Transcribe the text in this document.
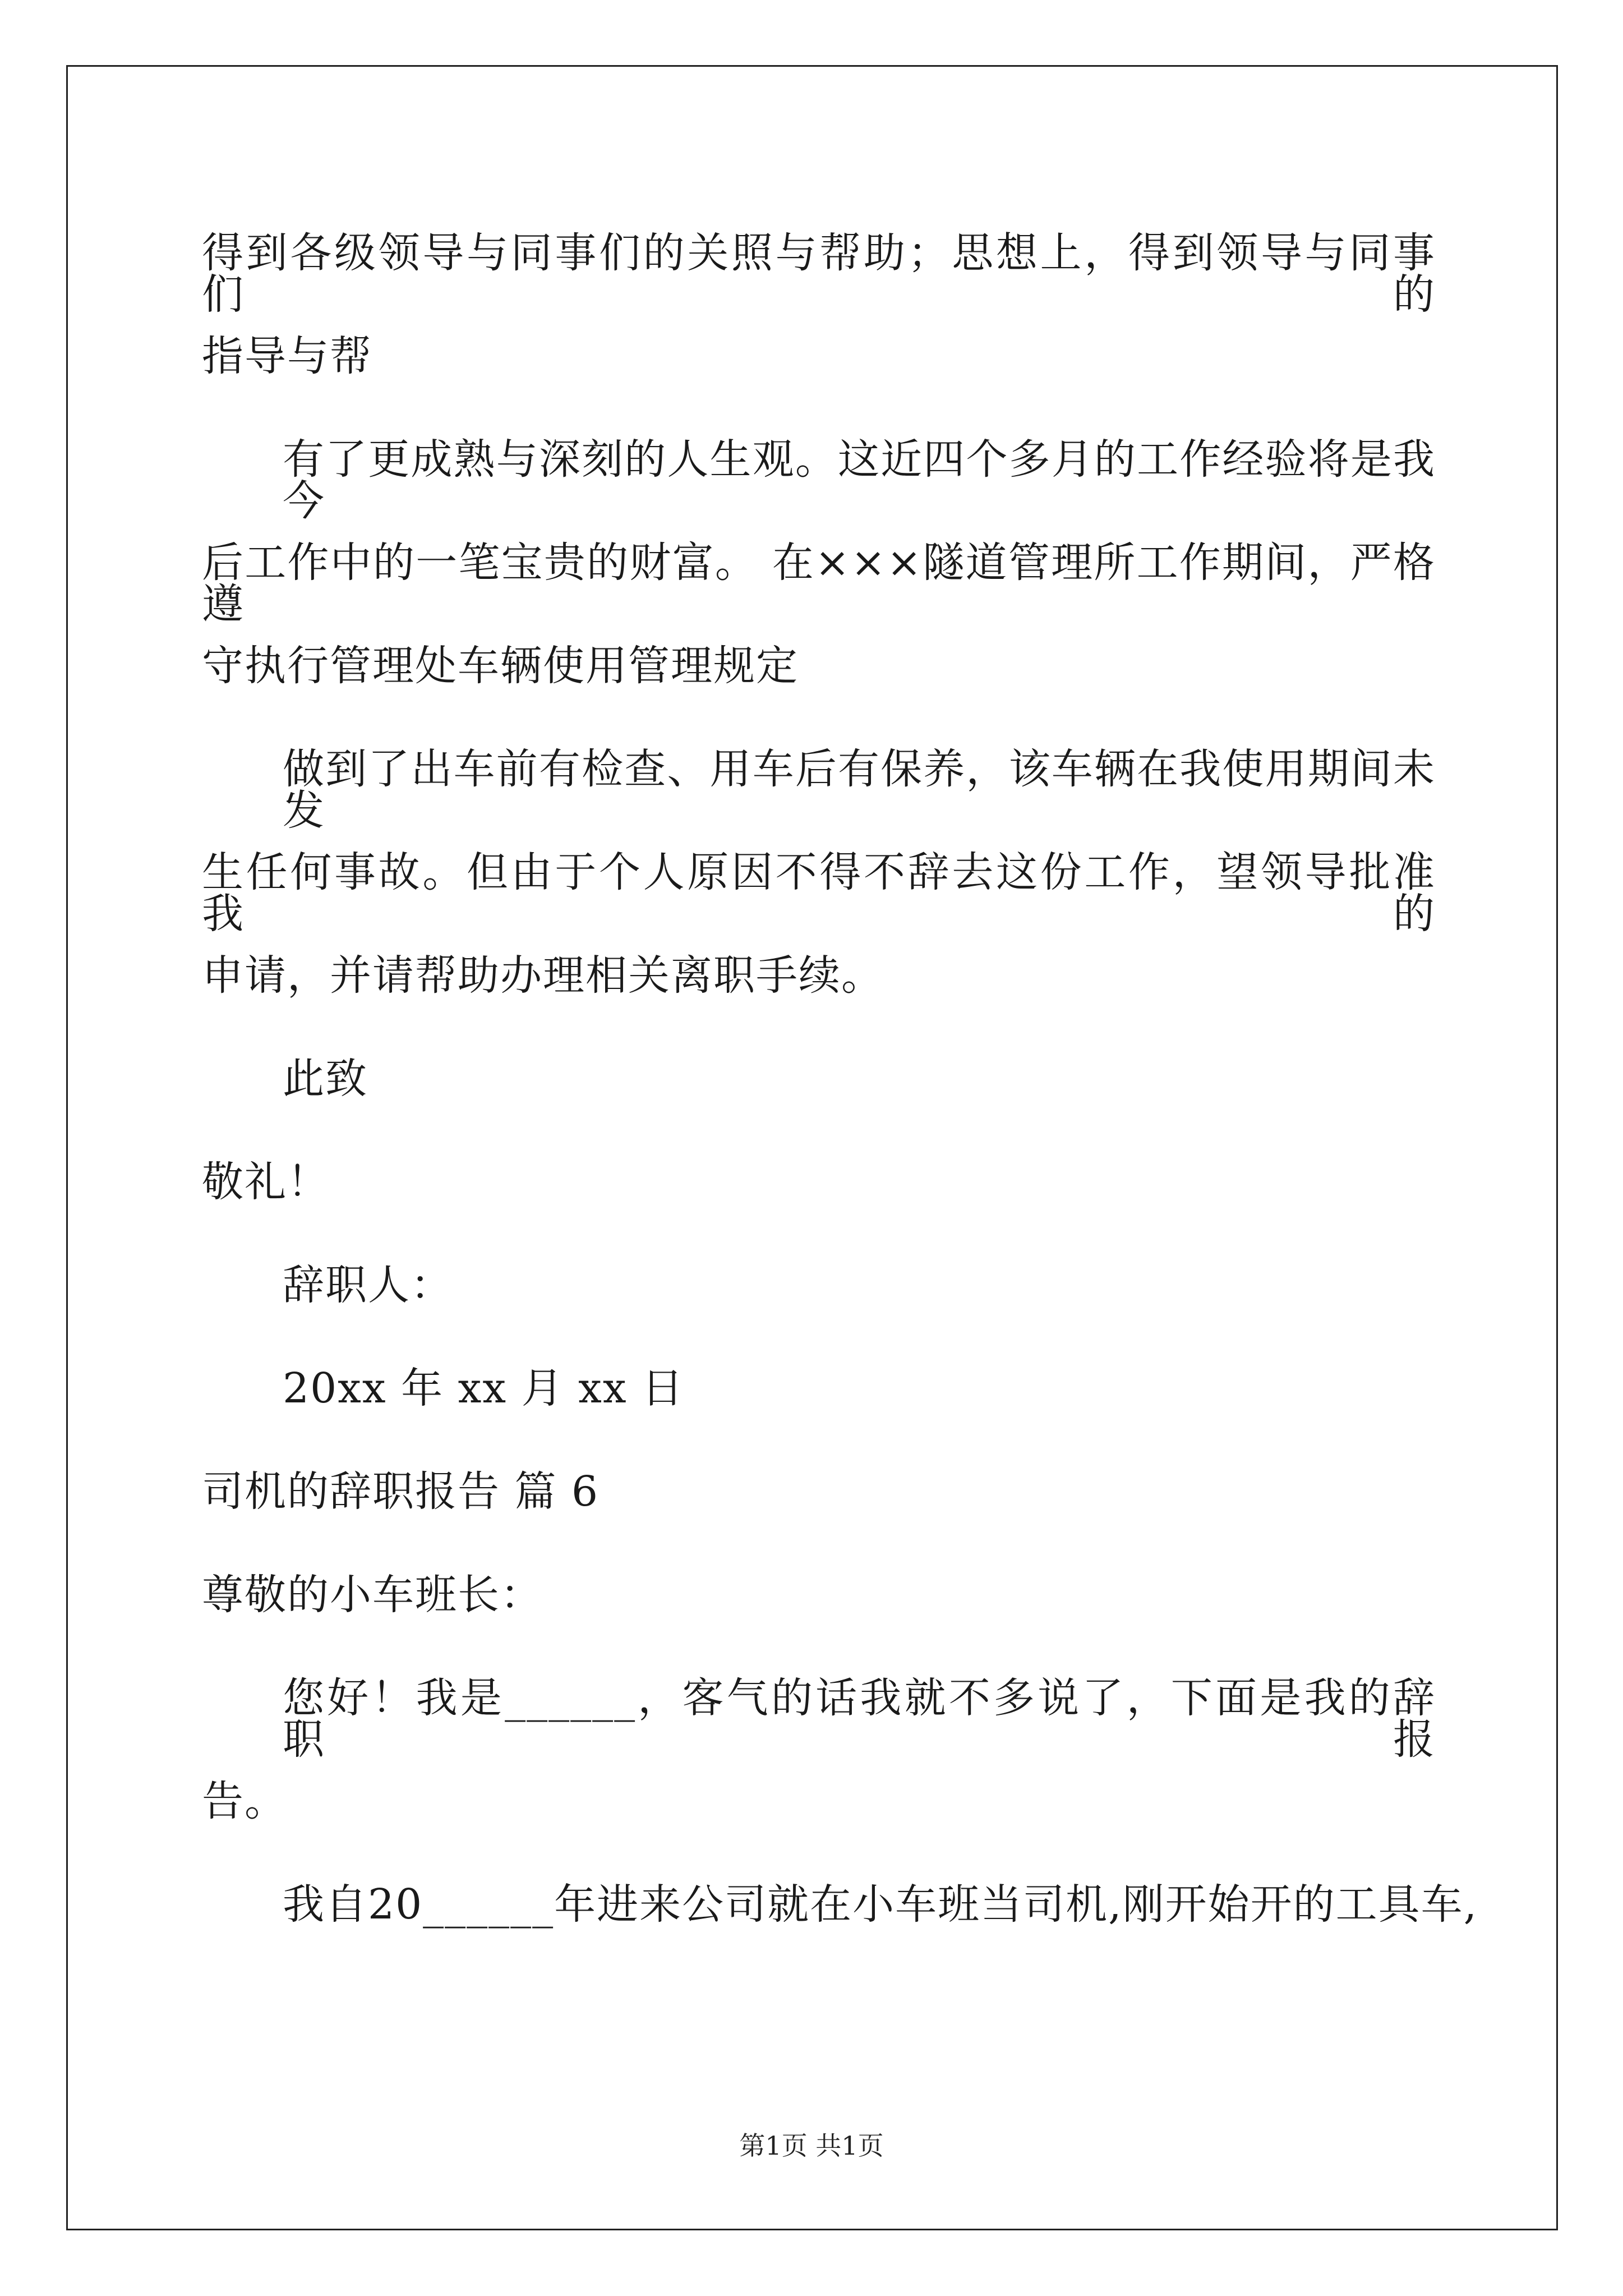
得到各级领导与同事们的关照与帮助；思想上，得到领导与同事们的
指导与帮
有了更成熟与深刻的人生观。这近四个多月的工作经验将是我今
后工作中的一笔宝贵的财富。 在×××隧道管理所工作期间，严格遵
守执行管理处车辆使用管理规定
做到了出车前有检查、用车后有保养，该车辆在我使用期间未发
生任何事故。但由于个人原因不得不辞去这份工作，望领导批准我的
申请，并请帮助办理相关离职手续。
此致
敬礼！
辞职人：
20xx 年 xx 月 xx 日
司机的辞职报告 篇 6
尊敬的小车班长：
您好！我是______，客气的话我就不多说了，下面是我的辞职报
告。
我自20______年进来公司就在小车班当司机,刚开始开的工具车,
第1页 共1页
